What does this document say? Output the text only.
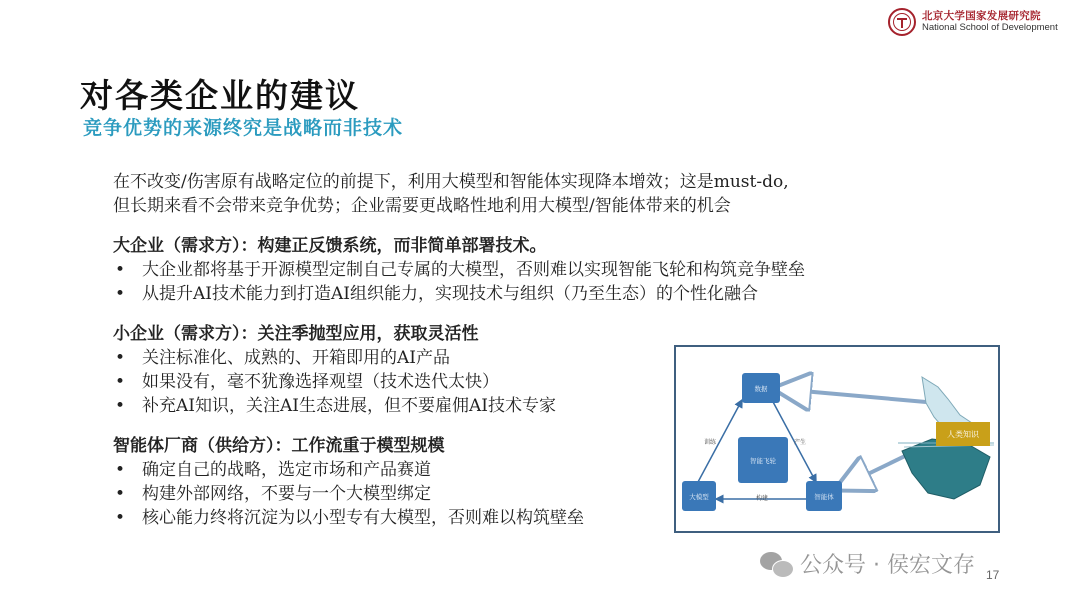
北京大学国家发展研究院
National School of Development
对各类企业的建议
竞争优势的来源终究是战略而非技术

在不改变/伤害原有战略定位的前提下，利用大模型和智能体实现降本增效；这是must-do,

但长期来看不会带来竞争优势；企业需要更战略性地利用大模型/智能体带来的机会

大企业（需求方）：构建正反馈系统，而非简单部署技术。

• 大企业都将基于开源模型定制自己专属的大模型，否则难以实现智能飞轮和构筑竞争壁垒
• 从提升AI技术能力到打造AI组织能力，实现技术与组织（乃至生态）的个性化融合

小企业（需求方）：关注季抛型应用，获取灵活性

• 关注标准化、成熟的、开箱即用的AI产品
• 如果没有，毫不犹豫选择观望（技术迭代太快）
• 补充AI知识，关注AI生态进展，但不要雇佣AI技术专家

智能体厂商（供给方）：工作流重于模型规模

• 确定自己的战略，选定市场和产品赛道
• 构建外部网络，不要与一个大模型绑定
• 核心能力终将沉淀为以小型专有大模型，否则难以构筑壁垒
数据
智能飞轮
大模型	智能体
训练	产生
构建
人类知识
公众号 · 侯宏文存 17
